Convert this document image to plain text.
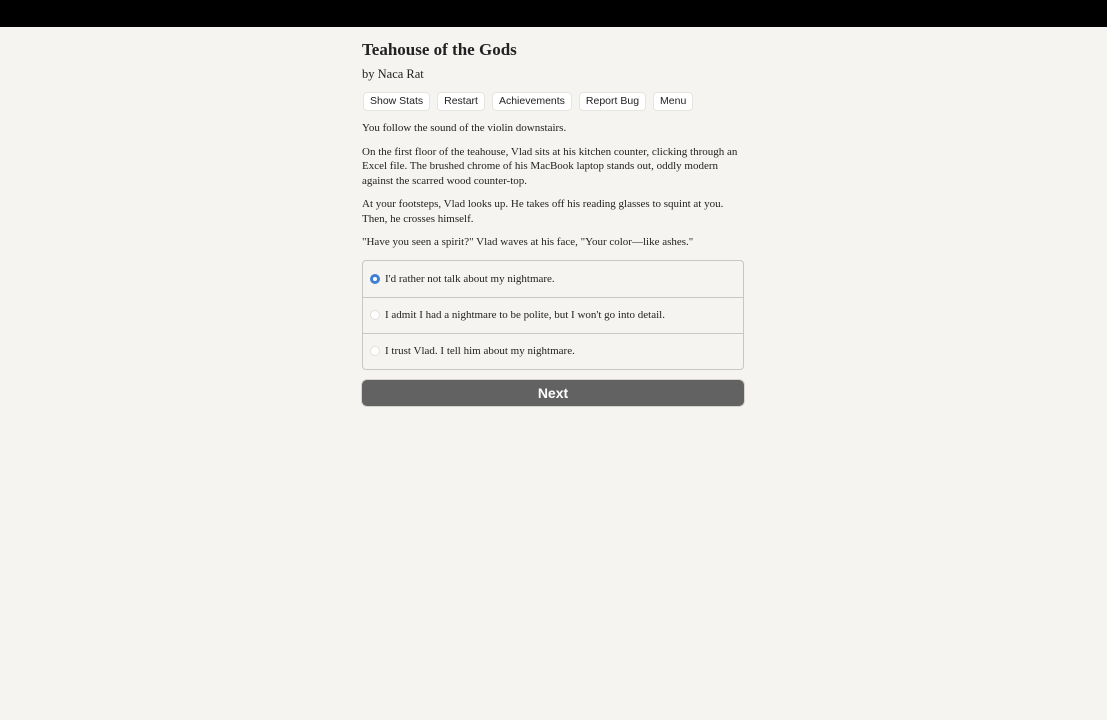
Teahouse of the Gods
by Naca Rat
Show Stats	Restart	Achievements	Report Bug	Menu

You follow the sound of the violin downstairs.

On the first floor of the teahouse, Vlad sits at his kitchen counter, clicking through an Excel file. The brushed chrome of his MacBook laptop stands out, oddly modern against the scarred wood counter-top.

At your footsteps, Vlad looks up. He takes off his reading glasses to squint at you. Then, he crosses himself.

"Have you seen a spirit?" Vlad waves at his face, "Your color—like ashes."

I'd rather not talk about my nightmare.
I admit I had a nightmare to be polite, but I won't go into detail.
I trust Vlad. I tell him about my nightmare.
Next
